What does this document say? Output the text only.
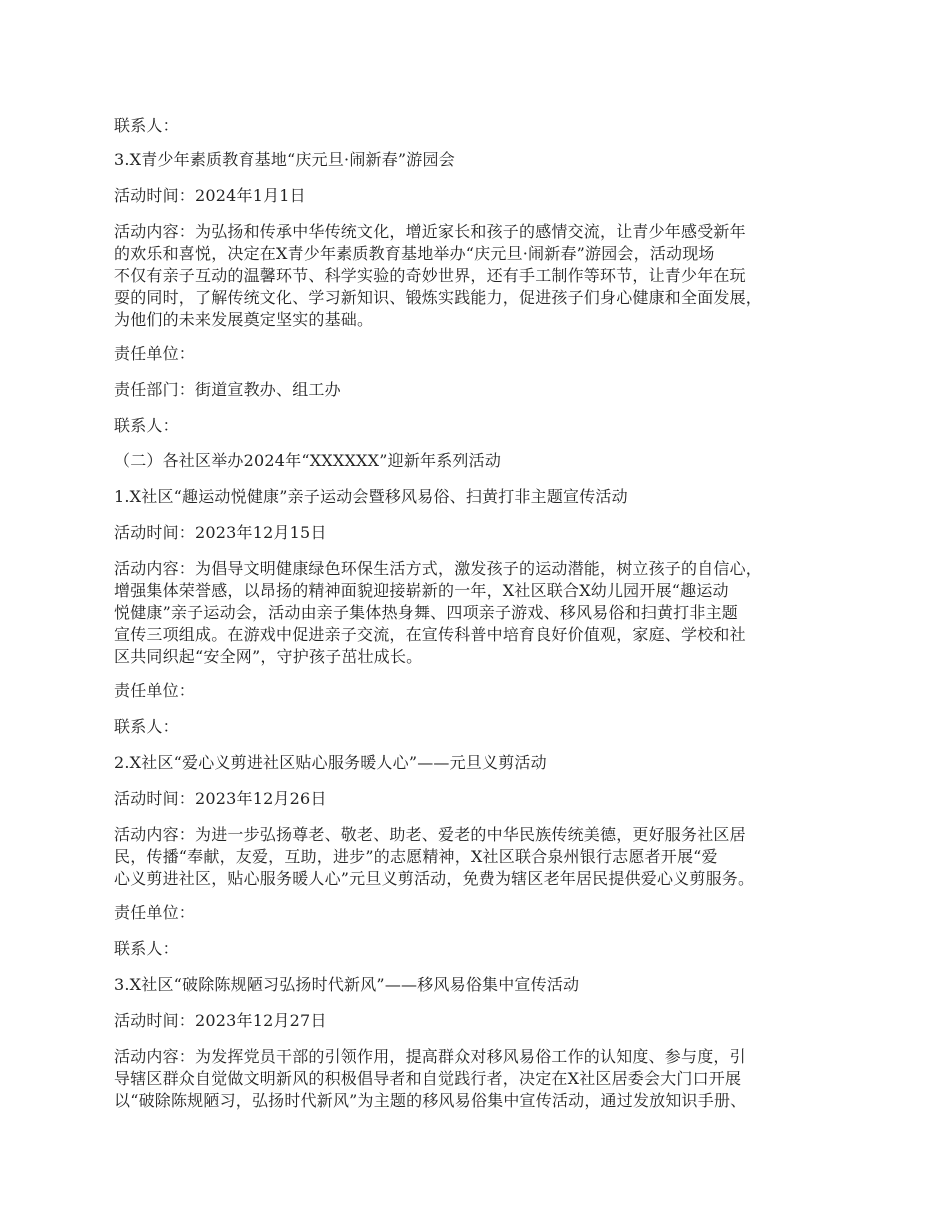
联系人：

3.X青少年素质教育基地“庆元旦·闹新春”游园会

活动时间：2024年1月1日

活动内容：为弘扬和传承中华传统文化，增近家长和孩子的感情交流，让青少年感受新年
的欢乐和喜悦，决定在X青少年素质教育基地举办“庆元旦·闹新春”游园会，活动现场
不仅有亲子互动的温馨环节、科学实验的奇妙世界，还有手工制作等环节，让青少年在玩
耍的同时，了解传统文化、学习新知识、锻炼实践能力，促进孩子们身心健康和全面发展，
为他们的未来发展奠定坚实的基础。

责任单位：

责任部门：街道宣教办、组工办

联系人：

（二）各社区举办2024年“XXXXXX”迎新年系列活动

1.X社区“趣运动悦健康”亲子运动会暨移风易俗、扫黄打非主题宣传活动

活动时间：2023年12月15日

活动内容：为倡导文明健康绿色环保生活方式，激发孩子的运动潜能，树立孩子的自信心，
增强集体荣誉感，以昂扬的精神面貌迎接崭新的一年，X社区联合X幼儿园开展“趣运动
悦健康”亲子运动会，活动由亲子集体热身舞、四项亲子游戏、移风易俗和扫黄打非主题
宣传三项组成。在游戏中促进亲子交流，在宣传科普中培育良好价值观，家庭、学校和社
区共同织起“安全网”，守护孩子茁壮成长。

责任单位：

联系人：

2.X社区“爱心义剪进社区贴心服务暖人心”——元旦义剪活动

活动时间：2023年12月26日

活动内容：为进一步弘扬尊老、敬老、助老、爱老的中华民族传统美德，更好服务社区居
民，传播“奉献，友爱，互助，进步”的志愿精神，X社区联合泉州银行志愿者开展“爱
心义剪进社区，贴心服务暖人心”元旦义剪活动，免费为辖区老年居民提供爱心义剪服务。

责任单位：

联系人：

3.X社区“破除陈规陋习弘扬时代新风”——移风易俗集中宣传活动

活动时间：2023年12月27日

活动内容：为发挥党员干部的引领作用，提高群众对移风易俗工作的认知度、参与度，引
导辖区群众自觉做文明新风的积极倡导者和自觉践行者，决定在X社区居委会大门口开展
以“破除陈规陋习，弘扬时代新风”为主题的移风易俗集中宣传活动，通过发放知识手册、
